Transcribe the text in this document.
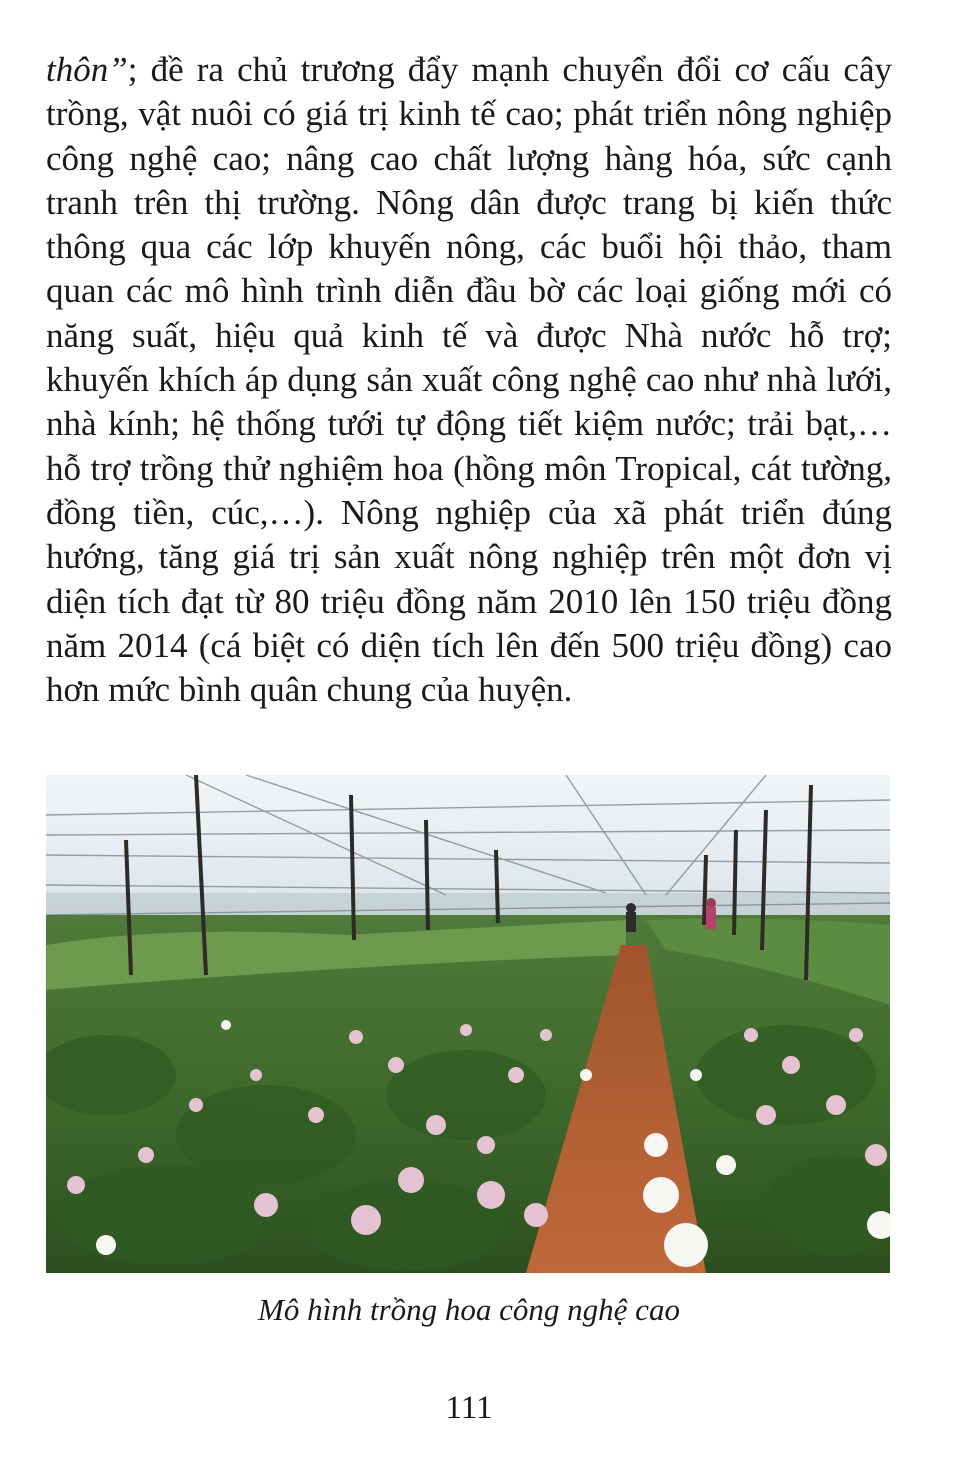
thôn”; đề ra chủ trương đẩy mạnh chuyển đổi cơ cấu cây trồng, vật nuôi có giá trị kinh tế cao; phát triển nông nghiệp công nghệ cao; nâng cao chất lượng hàng hóa, sức cạnh tranh trên thị trường. Nông dân được trang bị kiến thức thông qua các lớp khuyến nông, các buổi hội thảo, tham quan các mô hình trình diễn đầu bờ các loại giống mới có năng suất, hiệu quả kinh tế và được Nhà nước hỗ trợ; khuyến khích áp dụng sản xuất công nghệ cao như nhà lưới, nhà kính; hệ thống tưới tự động tiết kiệm nước; trải bạt,… hỗ trợ trồng thử nghiệm hoa (hồng môn Tropical, cát tường, đồng tiền, cúc,…). Nông nghiệp của xã phát triển đúng hướng, tăng giá trị sản xuất nông nghiệp trên một đơn vị diện tích đạt từ 80 triệu đồng năm 2010 lên 150 triệu đồng năm 2014 (cá biệt có diện tích lên đến 500 triệu đồng) cao hơn mức bình quân chung của huyện.

Mô hình trồng hoa công nghệ cao

111
